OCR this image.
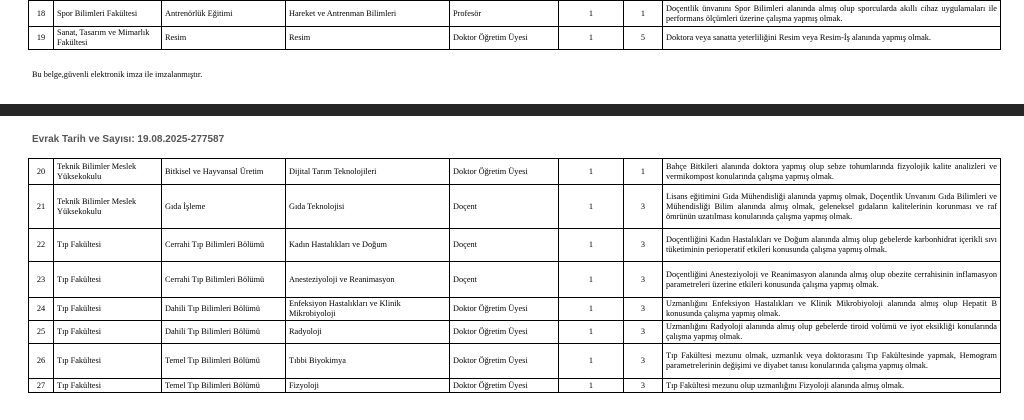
18	Spor Bilimleri Fakültesi	Antrenörlük Eğitimi	Hareket ve Antrenman Bilimleri	Profesör	1	1	Doçentlik ünvanını Spor Bilimleri alanında almış olup sporcularda akıllı cihaz uygulamaları ile performans ölçümleri üzerine çalışma yapmış olmak.
19	Sanat, Tasarım ve Mimarlık Fakültesi	Resim	Resim	Doktor Öğretim Üyesi	1	5	Doktora veya sanatta yeterliliğini Resim veya Resim-İş alanında yapmış olmak.
Bu belge,güvenli elektronik imza ile imzalanmıştır.
Evrak Tarih ve Sayısı: 19.08.2025-277587
20	Teknik Bilimler Meslek Yüksekokulu	Bitkisel ve Hayvansal Üretim	Dijital Tarım Teknolojileri	Doktor Öğretim Üyesi	1	1	Bahçe Bitkileri alanında doktora yapmış olup sebze tohumlarında fizyolojik kalite analizleri ve vermikompost konularında çalışma yapmış olmak.
21	Teknik Bilimler Meslek Yüksekokulu	Gıda İşleme	Gıda Teknolojisi	Doçent	1	3	Lisans eğitimini Gıda Mühendisliği alanında yapmış olmak, Doçentlik Unvanını Gıda Bilimleri ve Mühendisliği Bilim alanında almış olmak, geleneksel gıdaların kalitelerinin korunması ve raf ömrünün uzatılması konularında çalışma yapmış olmak.
22	Tıp Fakültesi	Cerrahi Tıp Bilimleri Bölümü	Kadın Hastalıkları ve Doğum	Doçent	1	3	Doçentliğini Kadın Hastalıkları ve Doğum alanında almış olup gebelerde karbonhidrat içerikli sıvı tüketiminin perioperatif etkileri konusunda çalışma yapmış olmak.
23	Tıp Fakültesi	Cerrahi Tıp Bilimleri Bölümü	Anesteziyoloji ve Reanimasyon	Doçent	1	3	Doçentliğini Anesteziyoloji ve Reanimasyon alanında almış olup obezite cerrahisinin inflamasyon parametreleri üzerine etkileri konusunda çalışma yapmış olmak.
24	Tıp Fakültesi	Dahili Tıp Bilimleri Bölümü	Enfeksiyon Hastalıkları ve Klinik Mikrobiyoloji	Doktor Öğretim Üyesi	1	3	Uzmanlığını Enfeksiyon Hastalıkları ve Klinik Mikrobiyoloji alanında almış olup Hepatit B konusunda çalışma yapmış olmak.
25	Tıp Fakültesi	Dahili Tıp Bilimleri Bölümü	Radyoloji	Doktor Öğretim Üyesi	1	3	Uzmanlığını Radyoloji alanında almış olup gebelerde tiroid volümü ve iyot eksikliği konularında çalışma yapmış olmak.
26	Tıp Fakültesi	Temel Tıp Bilimleri Bölümü	Tıbbi Biyokimya	Doktor Öğretim Üyesi	1	3	Tıp Fakültesi mezunu olmak, uzmanlık veya doktorasını Tıp Fakültesinde yapmak, Hemogram parametrelerinin değişimi ve diyabet tanısı konularında çalışma yapmış olmak.
27	Tıp Fakültesi	Temel Tıp Bilimleri Bölümü	Fizyoloji	Doktor Öğretim Üyesi	1	3	Tıp Fakültesi mezunu olup uzmanlığını Fizyoloji alanında almış olmak.
